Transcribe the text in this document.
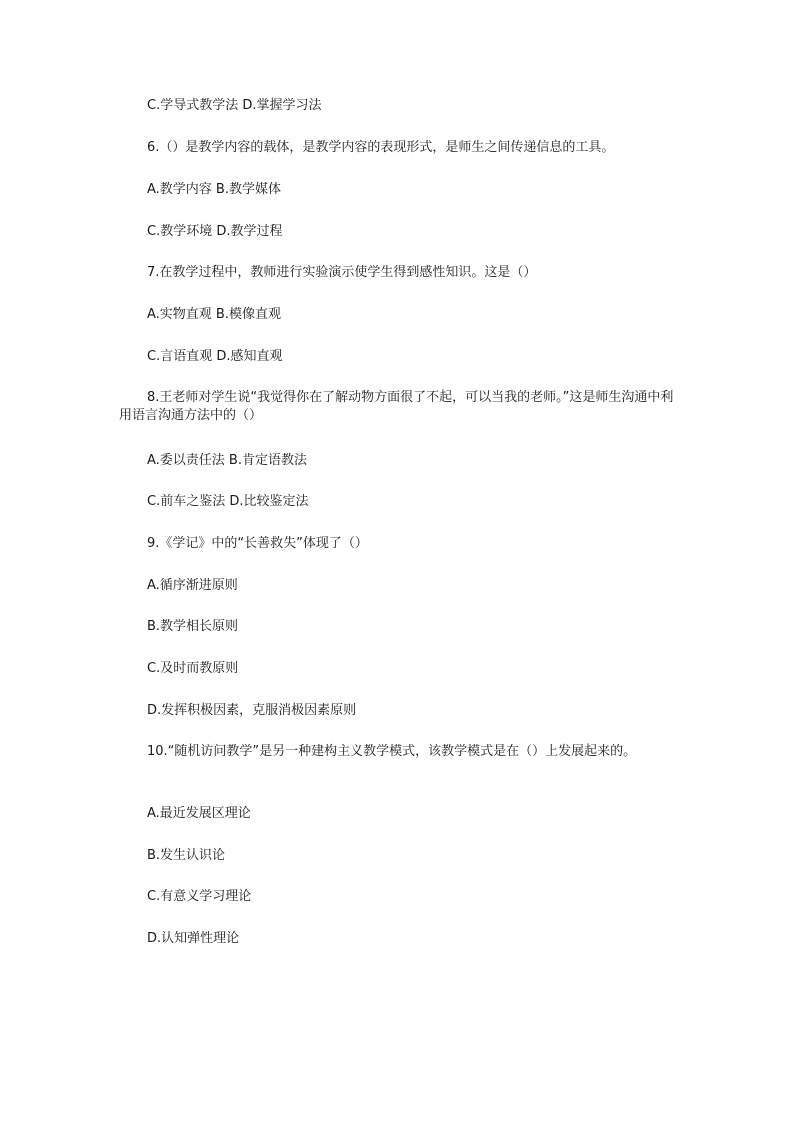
C.学导式教学法 D.掌握学习法
6.（）是教学内容的载体，是教学内容的表现形式，是师生之间传递信息的工具。
A.教学内容 B.教学媒体
C.教学环境 D.教学过程
7.在教学过程中，教师进行实验演示使学生得到感性知识。这是（）
A.实物直观 B.模像直观
C.言语直观 D.感知直观
8.王老师对学生说“我觉得你在了解动物方面很了不起，可以当我的老师。”这是师生沟通中利用语言沟通方法中的（）
A.委以责任法 B.肯定语教法
C.前车之鉴法 D.比较鉴定法
9.《学记》中的“长善救失”体现了（）
A.循序渐进原则
B.教学相长原则
C.及时而教原则
D.发挥积极因素，克服消极因素原则
10.“随机访问教学”是另一种建构主义教学模式，该教学模式是在（）上发展起来的。
A.最近发展区理论
B.发生认识论
C.有意义学习理论
D.认知弹性理论
